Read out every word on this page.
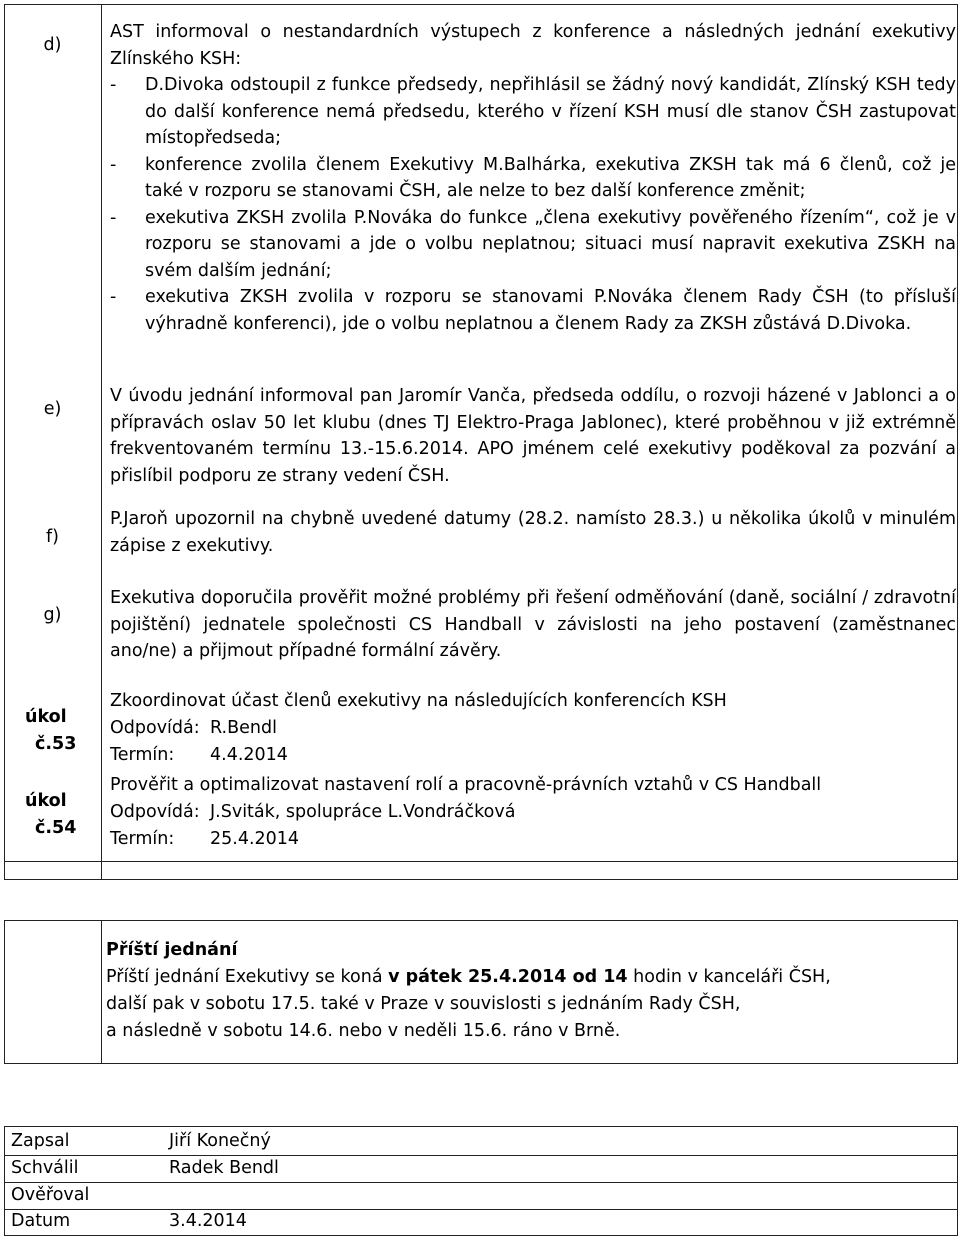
d)
AST informoval o nestandardních výstupech z konference a následných jednání exekutivy Zlínského KSH:
-	D.Divoka odstoupil z funkce předsedy, nepřihlásil se žádný nový kandidát, Zlínský KSH tedy do další konference nemá předsedu, kterého v řízení KSH musí dle stanov ČSH zastupovat místopředseda;
-	konference zvolila členem Exekutivy M.Balhárka, exekutiva ZKSH tak má 6 členů, což je také v rozporu se stanovami ČSH, ale nelze to bez další konference změnit;
-	exekutiva ZKSH zvolila P.Nováka do funkce „člena exekutivy pověřeného řízením“, což je v rozporu se stanovami a jde o volbu neplatnou; situaci musí napravit exekutiva ZSKH na svém dalším jednání;
-	exekutiva ZKSH zvolila v rozporu se stanovami P.Nováka členem Rady ČSH (to přísluší výhradně konferenci), jde o volbu neplatnou a členem Rady za ZKSH zůstává D.Divoka.
e)
V úvodu jednání informoval pan Jaromír Vanča, předseda oddílu, o rozvoji házené v Jablonci a o přípravách oslav 50 let klubu (dnes TJ Elektro-Praga Jablonec), které proběhnou v již extrémně frekventovaném termínu 13.-15.6.2014. APO jménem celé exekutivy poděkoval za pozvání a přislíbil podporu ze strany vedení ČSH.
f)
P.Jaroň upozornil na chybně uvedené datumy (28.2. namísto 28.3.) u několika úkolů v minulém zápise z exekutivy.
g)
Exekutiva doporučila prověřit možné problémy při řešení odměňování (daně, sociální / zdravotní pojištění) jednatele společnosti CS Handball v závislosti na jeho postavení (zaměstnanec ano/ne) a přijmout případné formální závěry.
úkol
č.53
Zkoordinovat účast členů exekutivy na následujících konferencích KSH
Odpovídá: R.Bendl
Termín:	4.4.2014
úkol
č.54
Prověřit a optimalizovat nastavení rolí a pracovně-právních vztahů v CS Handball
Odpovídá: J.Sviták, spolupráce L.Vondráčková
Termín:	25.4.2014
Příští jednání
Příští jednání Exekutivy se koná v pátek 25.4.2014 od 14 hodin v kanceláři ČSH,
další pak v sobotu 17.5. také v Praze v souvislosti s jednáním Rady ČSH,
a následně v sobotu 14.6. nebo v neděli 15.6. ráno v Brně.
Zapsal	Jiří Konečný
Schválil	Radek Bendl
Ověřoval
Datum	3.4.2014
